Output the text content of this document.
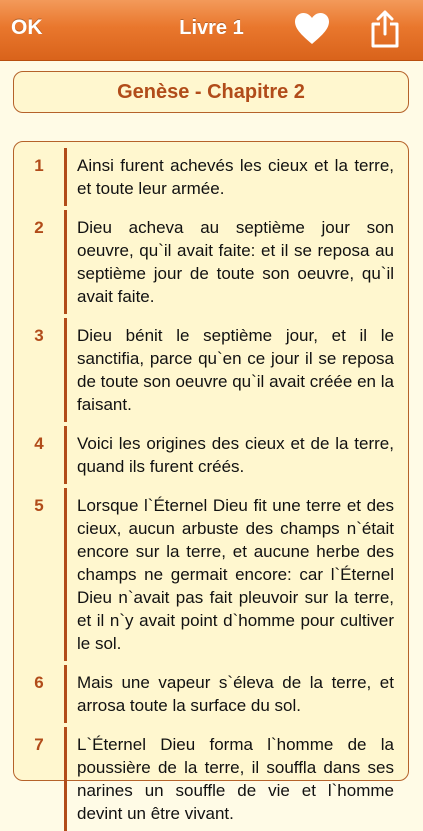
OK	Livre 1
Genèse - Chapitre 2
1	Ainsi furent achevés les cieux et la terre, et toute leur armée.
2	Dieu acheva au septième jour son oeuvre, qu`il avait faite: et il se reposa au septième jour de toute son oeuvre, qu`il avait faite.
3	Dieu bénit le septième jour, et il le sanctifia, parce qu`en ce jour il se reposa de toute son oeuvre qu`il avait créée en la faisant.
4	Voici les origines des cieux et de la terre, quand ils furent créés.
5	Lorsque l`Éternel Dieu fit une terre et des cieux, aucun arbuste des champs n`était encore sur la terre, et aucune herbe des champs ne germait encore: car l`Éternel Dieu n`avait pas fait pleuvoir sur la terre, et il n`y avait point d`homme pour cultiver le sol.
6	Mais une vapeur s`éleva de la terre, et arrosa toute la surface du sol.
7	L`Éternel Dieu forma l`homme de la poussière de la terre, il souffla dans ses narines un souffle de vie et l`homme devint un être vivant.
